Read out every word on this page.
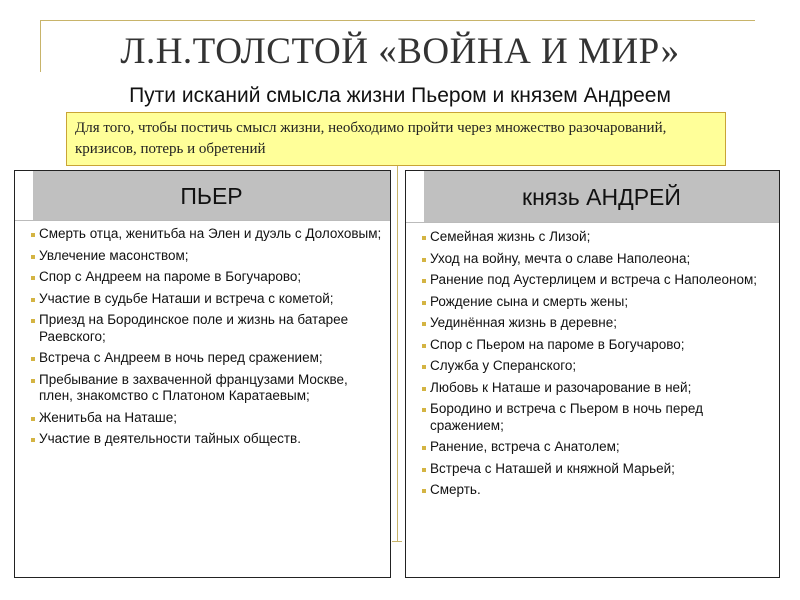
Л.Н.ТОЛСТОЙ «ВОЙНА И МИР»
Пути исканий смысла жизни Пьером и князем Андреем
Для того, чтобы постичь смысл жизни, необходимо пройти через множество разочарований, кризисов, потерь и обретений
ПЬЕР
Смерть отца, женитьба на Элен и дуэль с Долоховым;
Увлечение масонством;
Спор с Андреем на пароме в Богучарово;
Участие в судьбе Наташи и встреча с кометой;
Приезд на Бородинское поле и жизнь на батарее Раевского;
Встреча с Андреем в ночь перед сражением;
Пребывание в захваченной французами Москве, плен, знакомство с Платоном Каратаевым;
Женитьба на Наташе;
Участие в деятельности тайных обществ.
князь АНДРЕЙ
Семейная жизнь с Лизой;
Уход на войну, мечта о славе Наполеона;
Ранение под Аустерлицем и встреча с Наполеоном;
Рождение сына и смерть жены;
Уединённая жизнь в деревне;
Спор с Пьером на пароме в Богучарово;
Служба у Сперанского;
Любовь к Наташе и разочарование в ней;
Бородино и встреча с Пьером в ночь перед сражением;
Ранение, встреча с Анатолем;
Встреча с Наташей и княжной Марьей;
Смерть.
